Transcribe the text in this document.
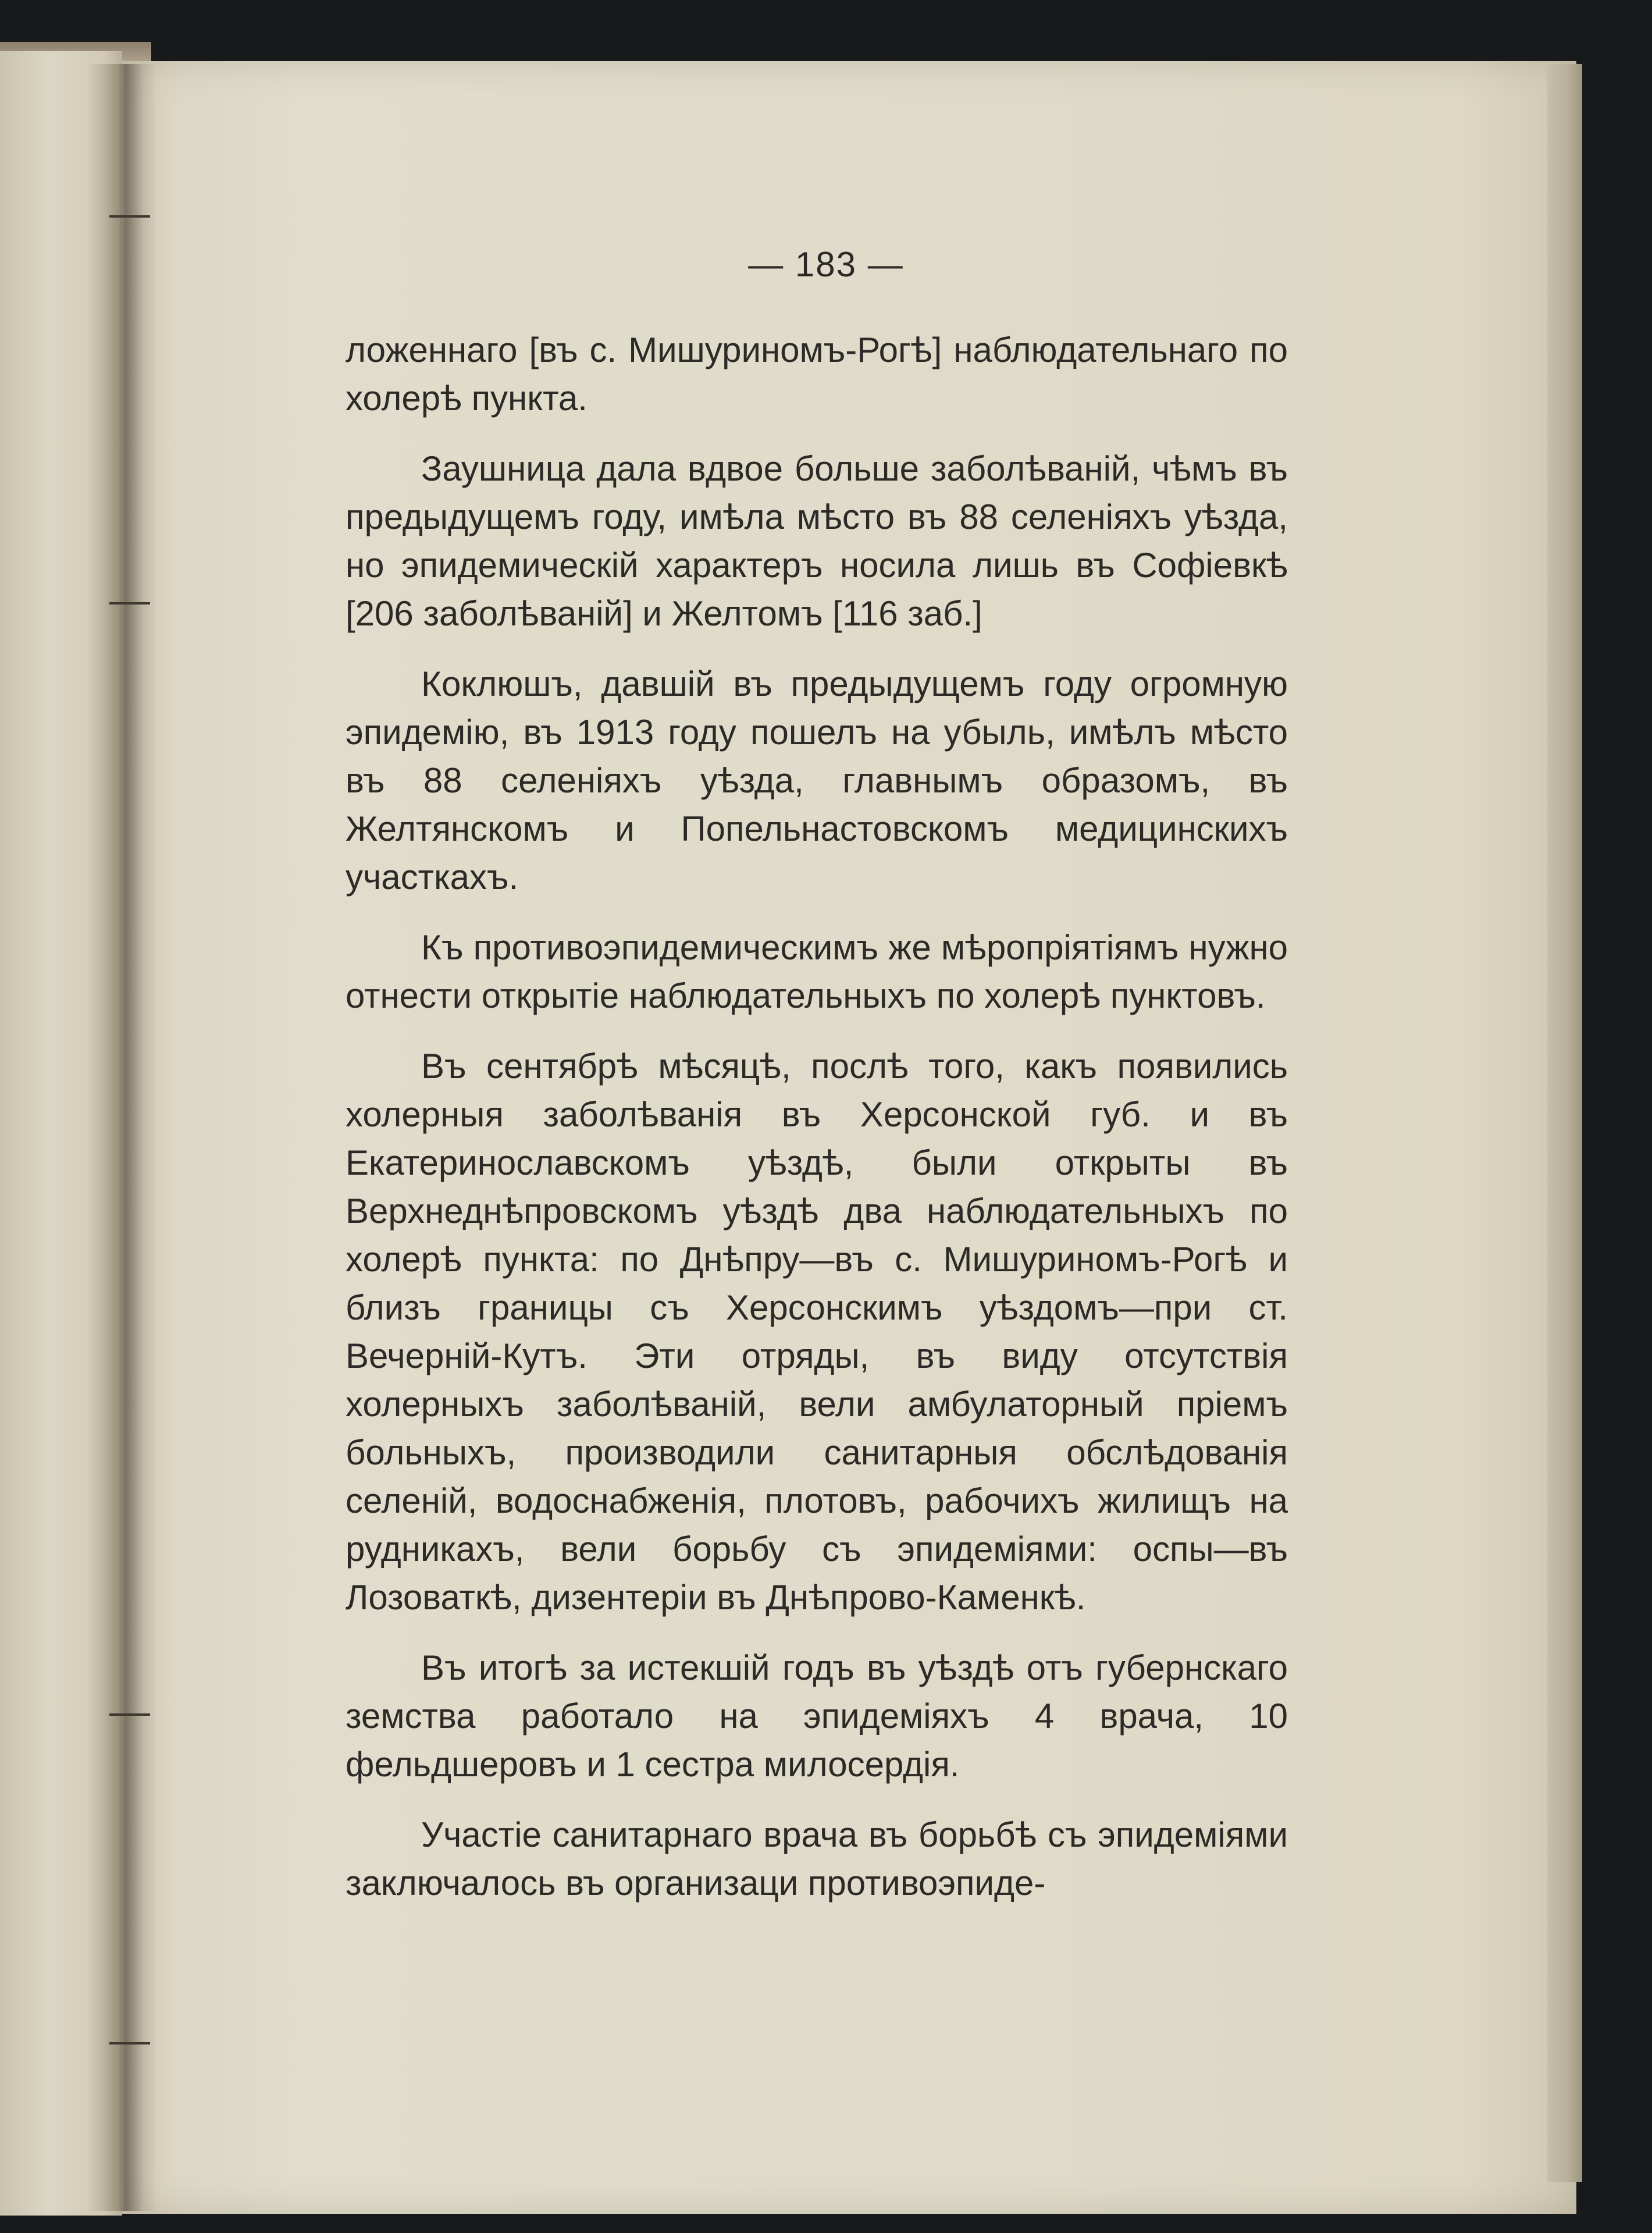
— 183 —

ложеннаго [въ с. Мишуриномъ-Рогѣ] наблюдательнаго по холерѣ пункта.

Заушница дала вдвое больше заболѣваній, чѣмъ въ предыдущемъ году, имѣла мѣсто въ 88 селеніяхъ уѣзда, но эпидемическій характеръ носила лишь въ Софіевкѣ [206 заболѣваній] и Желтомъ [116 заб.]

Коклюшъ, давшій въ предыдущемъ году огромную эпидемію, въ 1913 году пошелъ на убыль, имѣлъ мѣсто въ 88 селеніяхъ уѣзда, главнымъ образомъ, въ Желтянскомъ и Попельнастовскомъ медицинскихъ участкахъ.

Къ противоэпидемическимъ же мѣропріятіямъ нужно отнести открытіе наблюдательныхъ по холерѣ пунктовъ.

Въ сентябрѣ мѣсяцѣ, послѣ того, какъ появились холерныя заболѣванія въ Херсонской губ. и въ Екатеринославскомъ уѣздѣ, были открыты въ Верхнеднѣпровскомъ уѣздѣ два наблюдательныхъ по холерѣ пункта: по Днѣпру—въ с. Мишуриномъ-Рогѣ и близъ границы съ Херсонскимъ уѣздомъ—при ст. Вечерній-Кутъ. Эти отряды, въ виду отсутствія холерныхъ заболѣваній, вели амбулаторный пріемъ больныхъ, производили санитарныя обслѣдованія селеній, водоснабженія, плотовъ, рабочихъ жилищъ на рудникахъ, вели борьбу съ эпидеміями: оспы—въ Лозоваткѣ, дизентеріи въ Днѣпрово-Каменкѣ.

Въ итогѣ за истекшій годъ въ уѣздѣ отъ губернскаго земства работало на эпидеміяхъ 4 врача, 10 фельдшеровъ и 1 сестра милосердія.

Участіе санитарнаго врача въ борьбѣ съ эпидеміями заключалось въ организаци противоэпиде-
